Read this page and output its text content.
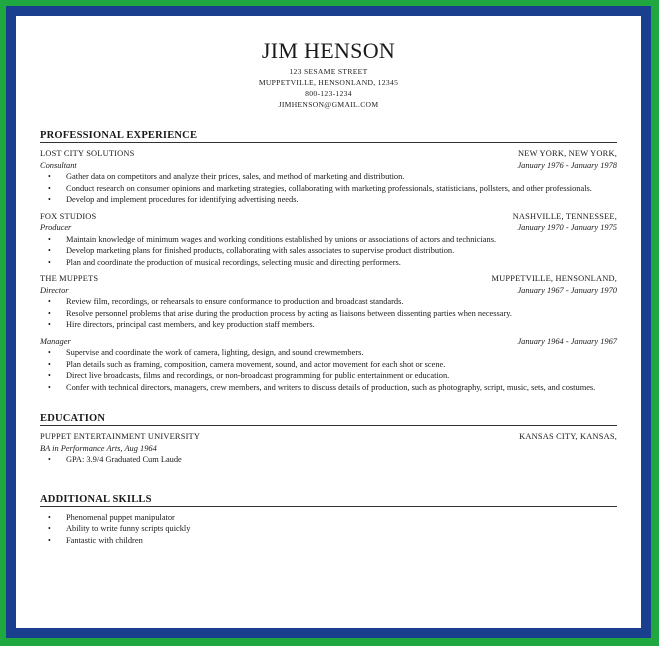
JIM HENSON
123 SESAME STREET
MUPPETVILLE, HENSONLAND, 12345
800-123-1234
JIMHENSON@GMAIL.COM
PROFESSIONAL EXPERIENCE
LOST CITY SOLUTIONS	NEW YORK, NEW YORK,
Consultant	January 1976 - January 1978
• Gather data on competitors and analyze their prices, sales, and method of marketing and distribution.
• Conduct research on consumer opinions and marketing strategies, collaborating with marketing professionals, statisticians, pollsters, and other professionals.
• Develop and implement procedures for identifying advertising needs.
FOX STUDIOS	NASHVILLE, TENNESSEE,
Producer	January 1970 - January 1975
• Maintain knowledge of minimum wages and working conditions established by unions or associations of actors and technicians.
• Develop marketing plans for finished products, collaborating with sales associates to supervise product distribution.
• Plan and coordinate the production of musical recordings, selecting music and directing performers.
THE MUPPETS	MUPPETVILLE, HENSONLAND,
Director	January 1967 - January 1970
• Review film, recordings, or rehearsals to ensure conformance to production and broadcast standards.
• Resolve personnel problems that arise during the production process by acting as liaisons between dissenting parties when necessary.
• Hire directors, principal cast members, and key production staff members.
Manager	January 1964 - January 1967
• Supervise and coordinate the work of camera, lighting, design, and sound crewmembers.
• Plan details such as framing, composition, camera movement, sound, and actor movement for each shot or scene.
• Direct live broadcasts, films and recordings, or non-broadcast programming for public entertainment or education.
• Confer with technical directors, managers, crew members, and writers to discuss details of production, such as photography, script, music, sets, and costumes.
EDUCATION
PUPPET ENTERTAINMENT UNIVERSITY	KANSAS CITY, KANSAS,
BA in Performance Arts, Aug 1964
• GPA: 3.9/4 Graduated Cum Laude
ADDITIONAL SKILLS
• Phenomenal puppet manipulator
• Ability to write funny scripts quickly
• Fantastic with children
